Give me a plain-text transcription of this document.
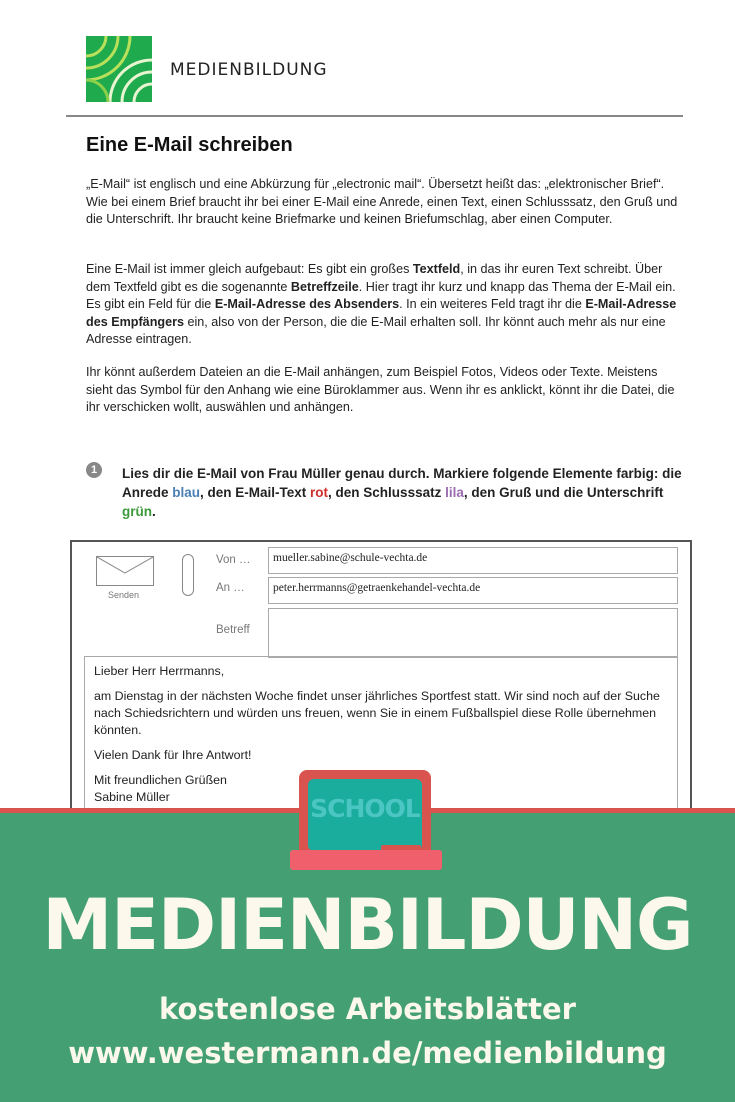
MEDIENBILDUNG
Eine E-Mail schreiben

„E-Mail“ ist englisch und eine Abkürzung für „electronic mail“. Übersetzt heißt das: „elektronischer Brief“. Wie bei einem Brief braucht ihr bei einer E-Mail eine Anrede, einen Text, einen Schlusssatz, den Gruß und die Unterschrift. Ihr braucht keine Briefmarke und keinen Briefumschlag, aber einen Computer.

Eine E-Mail ist immer gleich aufgebaut: Es gibt ein großes Textfeld, in das ihr euren Text schreibt. Über dem Textfeld gibt es die sogenannte Betreffzeile. Hier tragt ihr kurz und knapp das Thema der E-Mail ein. Es gibt ein Feld für die E-Mail-Adresse des Absenders. In ein weiteres Feld tragt ihr die E-Mail-Adresse des Empfängers ein, also von der Person, die die E-Mail erhalten soll. Ihr könnt auch mehr als nur eine Adresse eintragen.

Ihr könnt außerdem Dateien an die E-Mail anhängen, zum Beispiel Fotos, Videos oder Texte. Meistens sieht das Symbol für den Anhang wie eine Büroklammer aus. Wenn ihr es anklickt, könnt ihr die Datei, die ihr verschicken wollt, auswählen und anhängen.

1	Lies dir die E-Mail von Frau Müller genau durch. Markiere folgende Elemente farbig: die Anrede blau, den E-Mail-Text rot, den Schlusssatz lila, den Gruß und die Unterschrift grün.

Senden
Von …	mueller.sabine@schule-vechta.de
An …	peter.herrmanns@getraenkehandel-vechta.de
Betreff

Lieber Herr Herrmanns,

am Dienstag in der nächsten Woche findet unser jährliches Sportfest statt. Wir sind noch auf der Suche nach Schiedsrichtern und würden uns freuen, wenn Sie in einem Fußballspiel diese Rolle übernehmen könnten.

Vielen Dank für Ihre Antwort!

Mit freundlichen Grüßen

Sabine Müller	SCHOOL
MEDIENBILDUNG
kostenlose Arbeitsblätter
www.westermann.de/medienbildung
